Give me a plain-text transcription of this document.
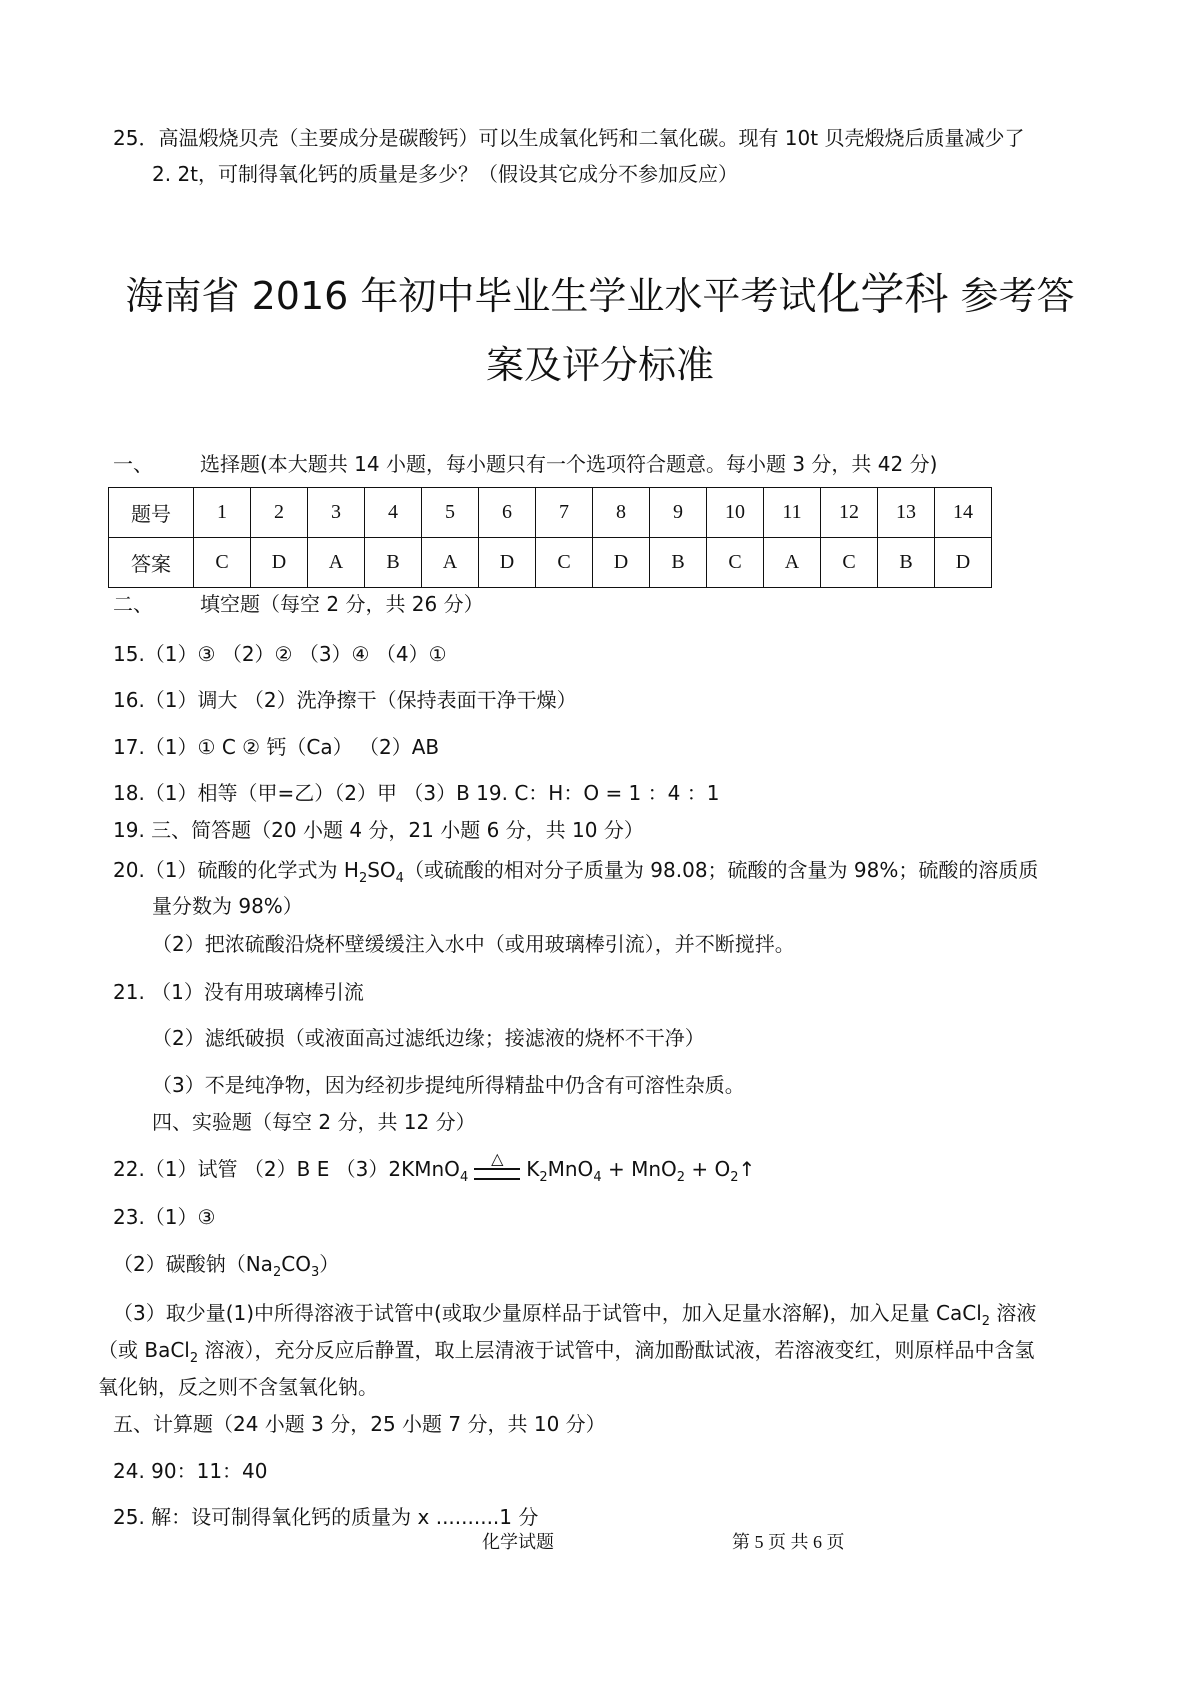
25．高温煅烧贝壳（主要成分是碳酸钙）可以生成氧化钙和二氧化碳。现有 10t 贝壳煅烧后质量减少了
2. 2t，可制得氧化钙的质量是多少？（假设其它成分不参加反应）
海南省 2016 年初中毕业生学业水平考试化学科 参考答
案及评分标准
一、 选择题(本大题共 14 小题，每小题只有一个选项符合题意。每小题 3 分，共 42 分)
题号	1	2	3	4	5	6	7	8	9	10	11	12	13	14
答案	C	D	A	B	A	D	C	D	B	C	A	C	B	D
二、 填空题（每空 2 分，共 26 分）
15.（1）③ （2）② （3）④ （4）①
16.（1）调大 （2）洗净擦干（保持表面干净干燥）
17.（1）① C ② 钙（Ca） （2）AB
18.（1）相等（甲=乙）（2）甲 （3）B 19. C：H：O = 1 ：4 ：1
19. 三、简答题（20 小题 4 分，21 小题 6 分，共 10 分）
20.（1）硫酸的化学式为 $H_2SO_4$（或硫酸的相对分子质量为 98.08；硫酸的含量为 98%；硫酸的溶质质
量分数为 98%）
（2）把浓硫酸沿烧杯壁缓缓注入水中（或用玻璃棒引流），并不断搅拌。
21. （1）没有用玻璃棒引流
（2）滤纸破损（或液面高过滤纸边缘；接滤液的烧杯不干净）
（3）不是纯净物，因为经初步提纯所得精盐中仍含有可溶性杂质。
四、实验题（每空 2 分，共 12 分）
22.（1）试管 （2）B E （3）2KMnO$_4$
△ $K_2MnO_4 + MnO_2$ + $O_2↑$
23.（1）③
（2）碳酸钠$(Na_2CO_3)$
（3）取少量(1)中所得溶液于试管中(或取少量原样品于试管中，加入足量水溶解)，加入足量 CaCl$_2$ 溶液
（或 BaCl$_2$ 溶液），充分反应后静置，取上层清液于试管中，滴加酚酞试液，若溶液变红，则原样品中含氢
氧化钠，反之则不含氢氧化钠。
五、计算题（24 小题 3 分，25 小题 7 分，共 10 分）
24. 90：11：40
25. 解：设可制得氧化钙的质量为 x ..........1 分
化学试题	第 5 页 共 6 页
